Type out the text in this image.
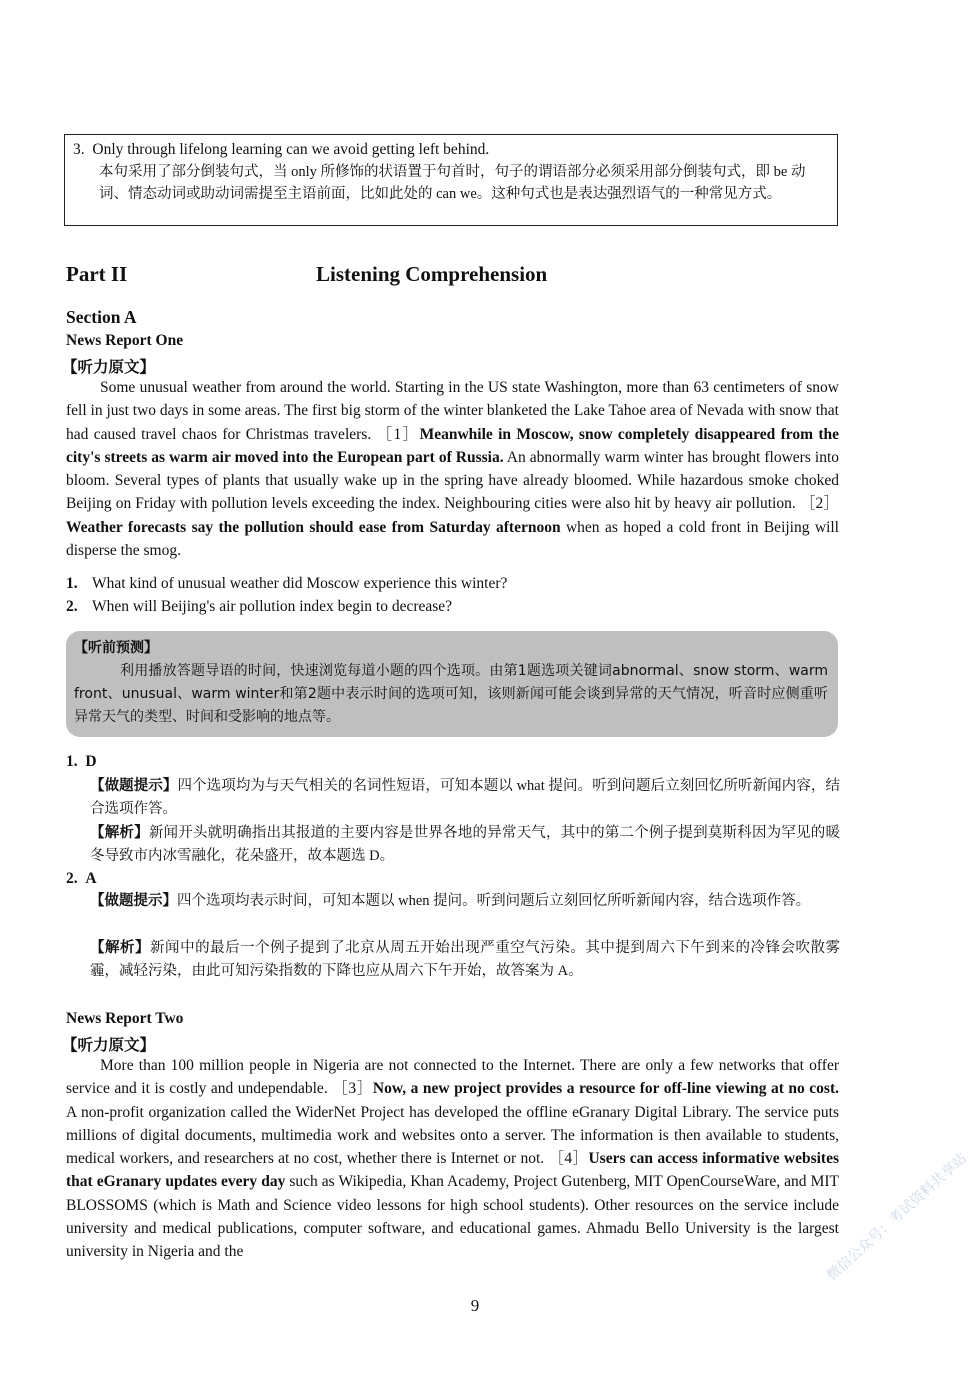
3. Only through lifelong learning can we avoid getting left behind.
本句采用了部分倒装句式，当 only 所修饰的状语置于句首时，句子的谓语部分必须采用部分倒装句式，即 be 动词、情态动词或助动词需提至主语前面，比如此处的 can we。这种句式也是表达强烈语气的一种常见方式。
Part II	Listening Comprehension
Section A
News Report One
【听力原文】
Some unusual weather from around the world. Starting in the US state Washington, more than 63 centimeters of snow fell in just two days in some areas. The first big storm of the winter blanketed the Lake Tahoe area of Nevada with snow that had caused travel chaos for Christmas travelers. ［1］Meanwhile in Moscow, snow completely disappeared from the city's streets as warm air moved into the European part of Russia. An abnormally warm winter has brought flowers into bloom. Several types of plants that usually wake up in the spring have already bloomed. While hazardous smoke choked Beijing on Friday with pollution levels exceeding the index. Neighbouring cities were also hit by heavy air pollution. ［2］Weather forecasts say the pollution should ease from Saturday afternoon when as hoped a cold front in Beijing will disperse the smog.
1. What kind of unusual weather did Moscow experience this winter?
2. When will Beijing's air pollution index begin to decrease?
【听前预测】
利用播放答题导语的时间，快速浏览每道小题的四个选项。由第1题选项关键词abnormal、snow storm、warm front、unusual、warm winter和第2题中表示时间的选项可知，该则新闻可能会谈到异常的天气情况，听音时应侧重听异常天气的类型、时间和受影响的地点等。
1. D
【做题提示】四个选项均为与天气相关的名词性短语，可知本题以 what 提问。听到问题后立刻回忆所听新闻内容，结合选项作答。
【解析】新闻开头就明确指出其报道的主要内容是世界各地的异常天气，其中的第二个例子提到莫斯科因为罕见的暖冬导致市内冰雪融化，花朵盛开，故本题选 D。
2. A
【做题提示】四个选项均表示时间，可知本题以 when 提问。听到问题后立刻回忆所听新闻内容，结合选项作答。
【解析】新闻中的最后一个例子提到了北京从周五开始出现严重空气污染。其中提到周六下午到来的冷锋会吹散雾霾，减轻污染，由此可知污染指数的下降也应从周六下午开始，故答案为 A。
News Report Two
【听力原文】
More than 100 million people in Nigeria are not connected to the Internet. There are only a few networks that offer service and it is costly and undependable. ［3］Now, a new project provides a resource for off-line viewing at no cost. A non-profit organization called the WiderNet Project has developed the offline eGranary Digital Library. The service puts millions of digital documents, multimedia work and websites onto a server. The information is then available to students, medical workers, and researchers at no cost, whether there is Internet or not. ［4］Users can access informative websites that eGranary updates every day such as Wikipedia, Khan Academy, Project Gutenberg, MIT OpenCourseWare, and MIT BLOSSOMS (which is Math and Science video lessons for high school students). Other resources on the service include university and medical publications, computer software, and educational games. Ahmadu Bello University is the largest university in Nigeria and the
9
微信公众号：考试资料共享站
